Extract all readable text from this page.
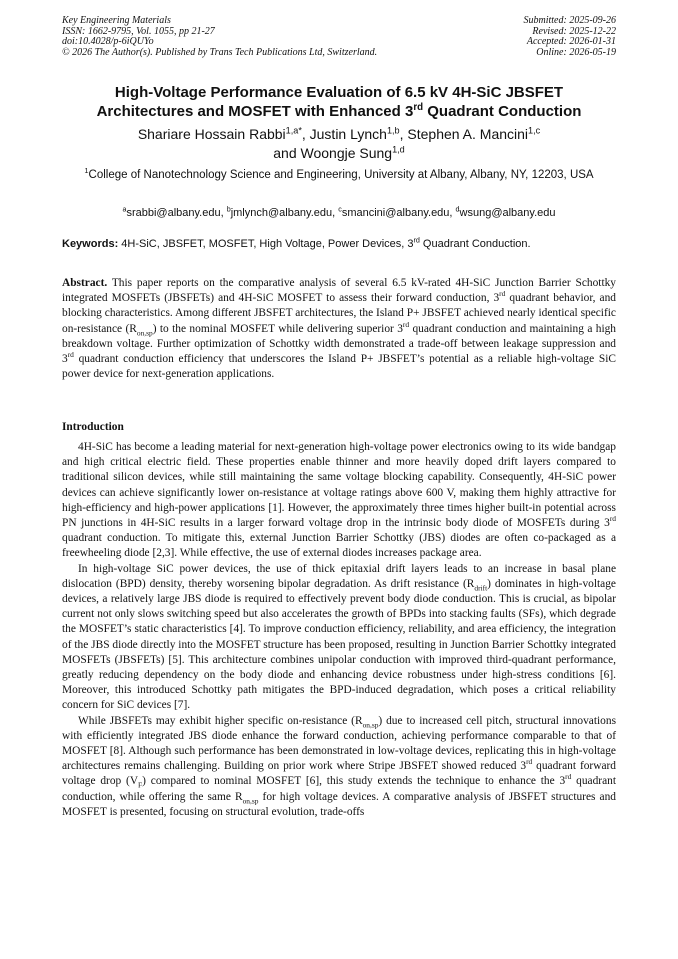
Key Engineering Materials
ISSN: 1662-9795, Vol. 1055, pp 21-27
doi:10.4028/p-6iQUYo
© 2026 The Author(s). Published by Trans Tech Publications Ltd, Switzerland.
Submitted: 2025-09-26
Revised: 2025-12-22
Accepted: 2026-01-31
Online: 2026-05-19
High-Voltage Performance Evaluation of 6.5 kV 4H-SiC JBSFET
Architectures and MOSFET with Enhanced 3rd Quadrant Conduction
Shariare Hossain Rabbi$^{1,a*}$, Justin Lynch$^{1,b}$, Stephen A. Mancini$^{1,c}$
and Woongje Sung$^{1,d}$
$^1$College of Nanotechnology Science and Engineering, University at Albany, Albany, NY, 12203, USA
$^a$srabbi@albany.edu, $^b$jmlynch@albany.edu, $^c$smancini@albany.edu, $^d$wsung@albany.edu
Keywords: 4H-SiC, JBSFET, MOSFET, High Voltage, Power Devices, 3rd Quadrant Conduction.
Abstract. This paper reports on the comparative analysis of several 6.5 kV-rated 4H-SiC Junction Barrier Schottky integrated MOSFETs (JBSFETs) and 4H-SiC MOSFET to assess their forward conduction, 3rd quadrant behavior, and blocking characteristics. Among different JBSFET architectures, the Island P+ JBSFET achieved nearly identical specific on-resistance $(R_{on,sp})$ to the nominal MOSFET while delivering superior 3rd quadrant conduction and maintaining a high breakdown voltage. Further optimization of Schottky width demonstrated a trade-off between leakage suppression and 3rd quadrant conduction efficiency that underscores the Island P+ JBSFET’s potential as a reliable high-voltage SiC power device for next-generation applications.
Introduction

4H-SiC has become a leading material for next-generation high-voltage power electronics owing to its wide bandgap and high critical electric field. These properties enable thinner and more heavily doped drift layers compared to traditional silicon devices, while still maintaining the same voltage blocking capability. Consequently, 4H-SiC power devices can achieve significantly lower on-resistance at voltage ratings above 600 V, making them highly attractive for high-efficiency and high-power applications [1]. However, the approximately three times higher built-in potential across PN junctions in 4H-SiC results in a larger forward voltage drop in the intrinsic body diode of MOSFETs during 3rd quadrant conduction. To mitigate this, external Junction Barrier Schottky (JBS) diodes are often co-packaged as a freewheeling diode [2,3]. While effective, the use of external diodes increases package area.

In high-voltage SiC power devices, the use of thick epitaxial drift layers leads to an increase in basal plane dislocation (BPD) density, thereby worsening bipolar degradation. As drift resistance $(R_{drift})$ dominates in high-voltage devices, a relatively large JBS diode is required to effectively prevent body diode conduction. This is crucial, as bipolar current not only slows switching speed but also accelerates the growth of BPDs into stacking faults (SFs), which degrade the MOSFET’s static characteristics [4]. To improve conduction efficiency, reliability, and area efficiency, the integration of the JBS diode directly into the MOSFET structure has been proposed, resulting in Junction Barrier Schottky integrated MOSFETs (JBSFETs) [5]. This architecture combines unipolar conduction with improved third-quadrant performance, greatly reducing dependency on the body diode and enhancing device robustness under high-stress conditions [6]. Moreover, this introduced Schottky path mitigates the BPD-induced degradation, which poses a critical reliability concern for SiC devices [7].

While JBSFETs may exhibit higher specific on-resistance $(R_{on,sp})$ due to increased cell pitch, structural innovations with efficiently integrated JBS diode enhance the forward conduction, achieving performance comparable to that of MOSFET [8]. Although such performance has been demonstrated in low-voltage devices, replicating this in high-voltage architectures remains challenging. Building on prior work where Stripe JBSFET showed reduced 3rd quadrant forward voltage drop $(V_F)$ compared to nominal MOSFET [6], this study extends the technique to enhance the 3rd quadrant conduction, while offering the same $R_{on,sp}$ for high voltage devices. A comparative analysis of JBSFET structures and MOSFET is presented, focusing on structural evolution, trade-offs
